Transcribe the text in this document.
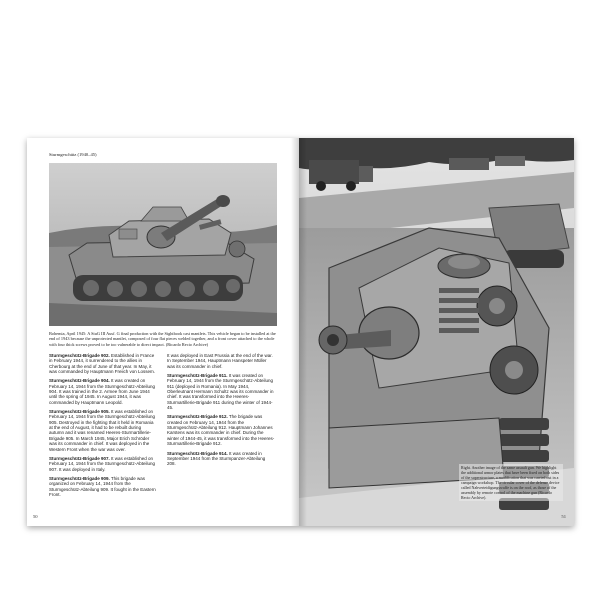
Sturmgeschütz (1940–45)
Bohemia, April 1945: A StuG III Ausf. G final production with the Sightbook cast mantlets. This vehicle began to be installed at the end of 1943 because the unprotected mantlet, composed of four flat pieces welded together, and a front cover attached to the whole with four thick screws proved to be too vulnerable to direct impact. (Ricardo Recio Archive)

Sturmgeschütz-Brigade 902. Established in France in February 1944, it surrendered to the allies in Cherbourg at the end of June of that year. In May, it was commanded by Hauptmann Freiich von Lossem.

Sturmgeschütz-Brigade 904. It was created on February 14, 1944 from the Sturmgeschütz-Abteilung 904. It was trained in the 2. Armee from June 1944 until the spring of 1945. In August 1944, it was commanded by Hauptmann Leopold.

Sturmgeschütz-Brigade 905. It was established on February 14, 1944 from the Sturmgeschütz-Abteilung 905. Destroyed in the fighting that it held in Romania at the end of August, it had to be rebuilt during autumn and it was renamed Heeres-Sturmartillerie-Brigade 905. In March 1945, Major Erich Schröder was its commander in chief. It was deployed in the Western Front when the war was over.

Sturmgeschütz-Brigade 907. It was established on February 14, 1944 from the Sturmgeschütz-Abteilung 907. It was deployed in Italy.

Sturmgeschütz-Brigade 909. This brigade was organized on February 14, 1944 from the Sturmgeschütz-Abteilung 909. It fought in the Eastern Front.

It was deployed in East Prussia at the end of the war. In September 1944, Hauptmann Hanspeter Müller was its commander in chief.

Sturmgeschütz-Brigade 911. It was created on February 14, 1944 from the Sturmgeschütz-Abteilung 911 (deployed in Romania). In May 1944, Oberleutnant Hermann Schultz was its commander in chief. It was transformed into the Heeres-Sturmartillerie-Brigade 911 during the winter of 1944-45.

Sturmgeschütz-Brigade 912. The brigade was created on February 14, 1944 from the Sturmgeschütz-Abteilung 912. Hauptmann Johannes Karstens was its commander in chief. During the winter of 1944-45, it was transformed into the Heeres-Sturmartillerie-Brigade 912.

Sturmgeschütz-Brigade 914. It was created in September 1944 from the Sturmpanzer-Abteilung 208.

50
Right. Another image of the same assault gun. We highlight the additional armor plates that have been fixed on both sides of the superstructure, a modification that was carried out in a campaign workshop. The circular cover of the defense device called Nahverteidigungswaffe is on the roof, as those of the assembly by remote control of the machine gun (Ricardo Recio Archive).
51
